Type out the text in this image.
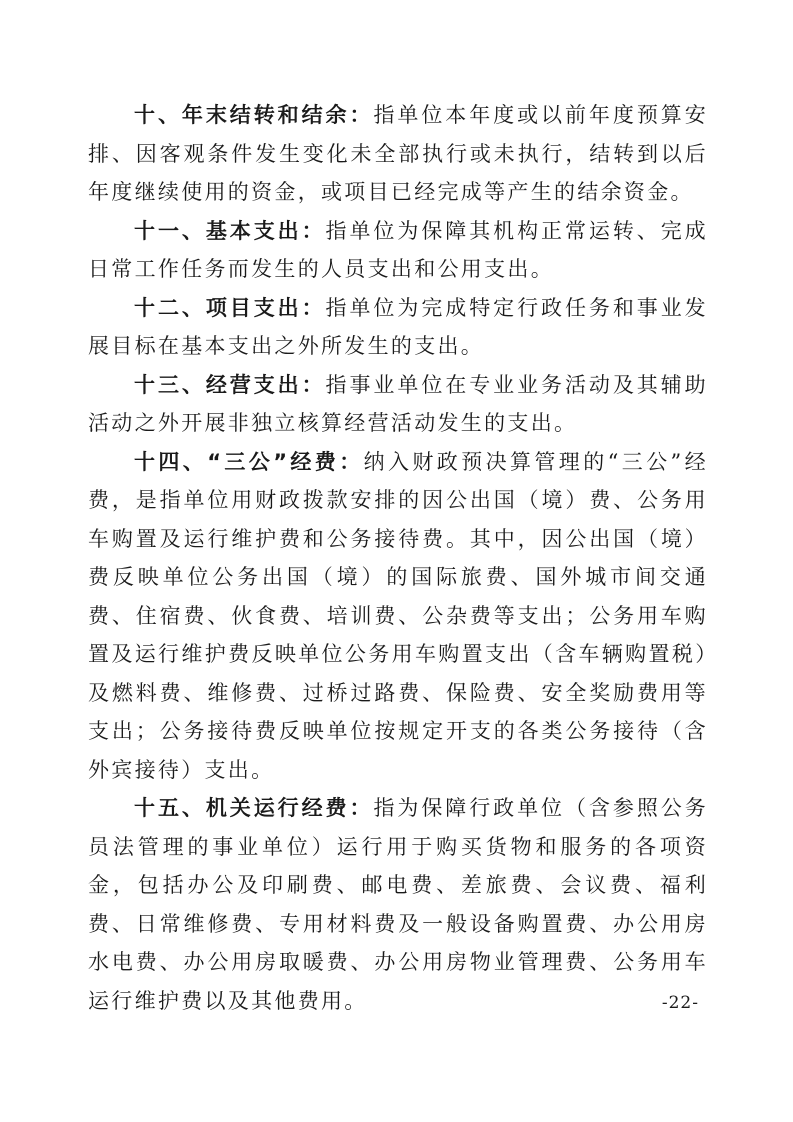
十、年末结转和结余：指单位本年度或以前年度预算安排、因客观条件发生变化未全部执行或未执行，结转到以后年度继续使用的资金，或项目已经完成等产生的结余资金。

十一、基本支出：指单位为保障其机构正常运转、完成日常工作任务而发生的人员支出和公用支出。

十二、项目支出：指单位为完成特定行政任务和事业发展目标在基本支出之外所发生的支出。

十三、经营支出：指事业单位在专业业务活动及其辅助活动之外开展非独立核算经营活动发生的支出。

十四、“三公”经费：纳入财政预决算管理的“三公”经费，是指单位用财政拨款安排的因公出国（境）费、公务用车购置及运行维护费和公务接待费。其中，因公出国（境）费反映单位公务出国（境）的国际旅费、国外城市间交通费、住宿费、伙食费、培训费、公杂费等支出；公务用车购置及运行维护费反映单位公务用车购置支出（含车辆购置税）及燃料费、维修费、过桥过路费、保险费、安全奖励费用等支出；公务接待费反映单位按规定开支的各类公务接待（含外宾接待）支出。

十五、机关运行经费：指为保障行政单位（含参照公务员法管理的事业单位）运行用于购买货物和服务的各项资金，包括办公及印刷费、邮电费、差旅费、会议费、福利费、日常维修费、专用材料费及一般设备购置费、办公用房水电费、办公用房取暖费、办公用房物业管理费、公务用车运行维护费以及其他费用。	-22-
